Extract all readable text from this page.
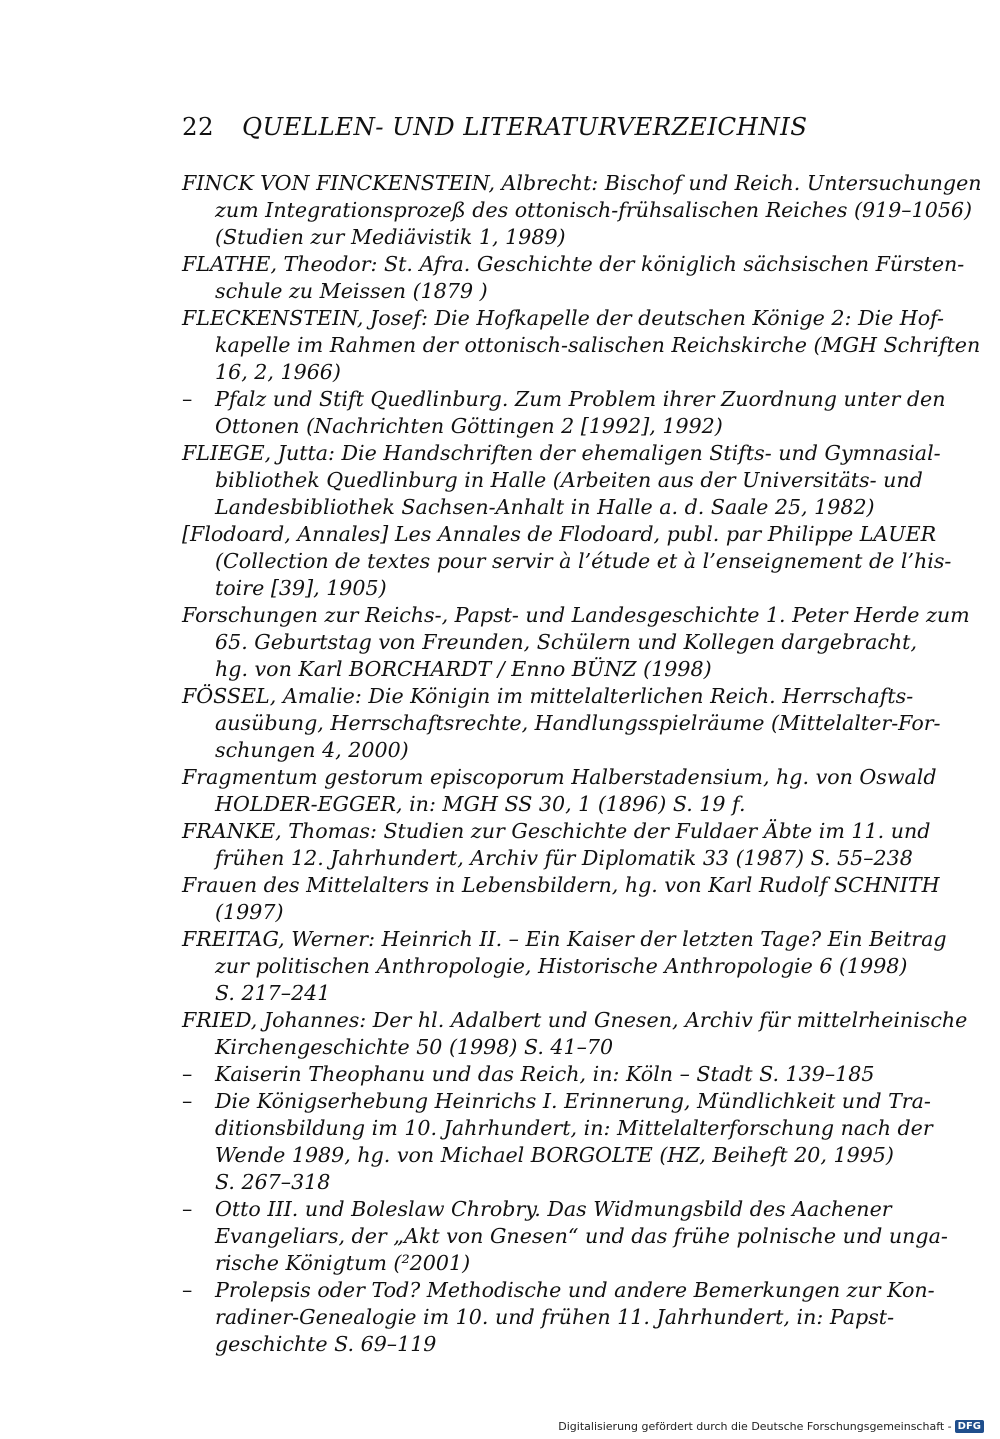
22 QUELLEN- UND LITERATURVERZEICHNIS
FINCK VON FINCKENSTEIN, Albrecht: Bischof und Reich. Untersuchungen
zum Integrationsprozeß des ottonisch-frühsalischen Reiches (919–1056)
(Studien zur Mediävistik 1, 1989)
FLATHE, Theodor: St. Afra. Geschichte der königlich sächsischen Fürsten-
schule zu Meissen (1879 )
FLECKENSTEIN, Josef: Die Hofkapelle der deutschen Könige 2: Die Hof-
kapelle im Rahmen der ottonisch-salischen Reichskirche (MGH Schriften
16, 2, 1966)
– Pfalz und Stift Quedlinburg. Zum Problem ihrer Zuordnung unter den
Ottonen (Nachrichten Göttingen 2 [1992], 1992)
FLIEGE, Jutta: Die Handschriften der ehemaligen Stifts- und Gymnasial-
bibliothek Quedlinburg in Halle (Arbeiten aus der Universitäts- und
Landesbibliothek Sachsen-Anhalt in Halle a. d. Saale 25, 1982)
[Flodoard, Annales] Les Annales de Flodoard, publ. par Philippe LAUER
(Collection de textes pour servir à l’étude et à l’enseignement de l’his-
toire [39], 1905)
Forschungen zur Reichs-, Papst- und Landesgeschichte 1. Peter Herde zum
65. Geburtstag von Freunden, Schülern und Kollegen dargebracht,
hg. von Karl BORCHARDT / Enno BÜNZ (1998)
FÖSSEL, Amalie: Die Königin im mittelalterlichen Reich. Herrschafts-
ausübung, Herrschaftsrechte, Handlungsspielräume (Mittelalter-For-
schungen 4, 2000)
Fragmentum gestorum episcoporum Halberstadensium, hg. von Oswald
HOLDER-EGGER, in: MGH SS 30, 1 (1896) S. 19 f.
FRANKE, Thomas: Studien zur Geschichte der Fuldaer Äbte im 11. und
frühen 12. Jahrhundert, Archiv für Diplomatik 33 (1987) S. 55–238
Frauen des Mittelalters in Lebensbildern, hg. von Karl Rudolf SCHNITH
(1997)
FREITAG, Werner: Heinrich II. – Ein Kaiser der letzten Tage? Ein Beitrag
zur politischen Anthropologie, Historische Anthropologie 6 (1998)
S. 217–241
FRIED, Johannes: Der hl. Adalbert und Gnesen, Archiv für mittelrheinische
Kirchengeschichte 50 (1998) S. 41–70
– Kaiserin Theophanu und das Reich, in: Köln – Stadt S. 139–185
– Die Königserhebung Heinrichs I. Erinnerung, Mündlichkeit und Tra-
ditionsbildung im 10. Jahrhundert, in: Mittelalterforschung nach der
Wende 1989, hg. von Michael BORGOLTE (HZ, Beiheft 20, 1995)
S. 267–318
– Otto III. und Boleslaw Chrobry. Das Widmungsbild des Aachener
Evangeliars, der „Akt von Gnesen“ und das frühe polnische und unga-
rische Königtum (²2001)
– Prolepsis oder Tod? Methodische und andere Bemerkungen zur Kon-
radiner-Genealogie im 10. und frühen 11. Jahrhundert, in: Papst-
geschichte S. 69–119
Digitalisierung gefördert durch die Deutsche Forschungsgemeinschaft - DFG
